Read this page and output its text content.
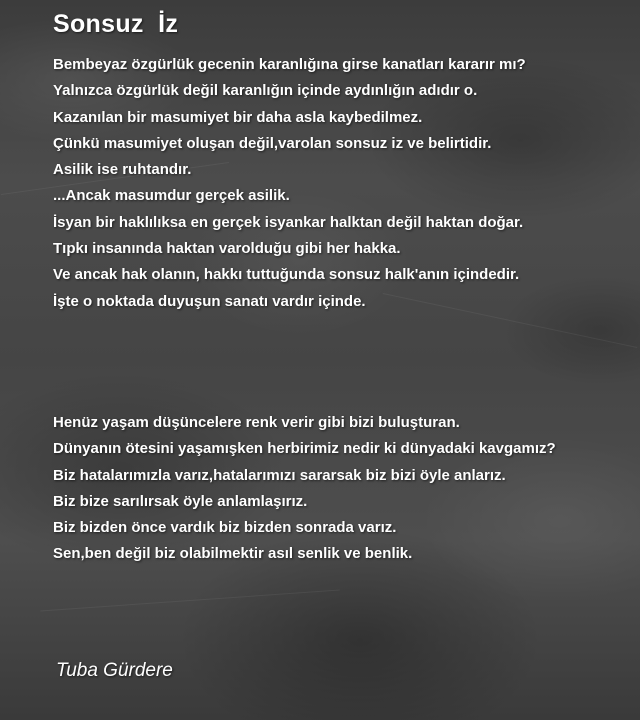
Sonsuz  İz
Bembeyaz özgürlük gecenin karanlığına girse kanatları kararır mı?
Yalnızca özgürlük değil karanlığın içinde aydınlığın adıdır o.
Kazanılan bir masumiyet bir daha asla kaybedilmez.
Çünkü masumiyet oluşan değil,varolan sonsuz iz ve belirtidir.
Asilik ise ruhtandır.
...Ancak masumdur gerçek asilik.
İsyan bir haklılıksa en gerçek isyankar halktan değil haktan doğar.
Tıpkı insanında haktan varolduğu gibi her hakka.
Ve ancak hak olanın, hakkı tuttuğunda sonsuz halk'anın içindedir.
İşte o noktada duyuşun sanatı vardır içinde.
Henüz yaşam düşüncelere renk verir gibi bizi buluşturan.
Dünyanın ötesini yaşamışken herbirimiz nedir ki dünyadaki kavgamız?
Biz hatalarımızla varız,hatalarımızı sararsak biz bizi öyle anlarız.
Biz bize sarılırsak öyle anlamlaşırız.
Biz bizden önce vardık biz bizden sonrada varız.
Sen,ben değil biz olabilmektir asıl senlik ve benlik.
Tuba Gürdere
